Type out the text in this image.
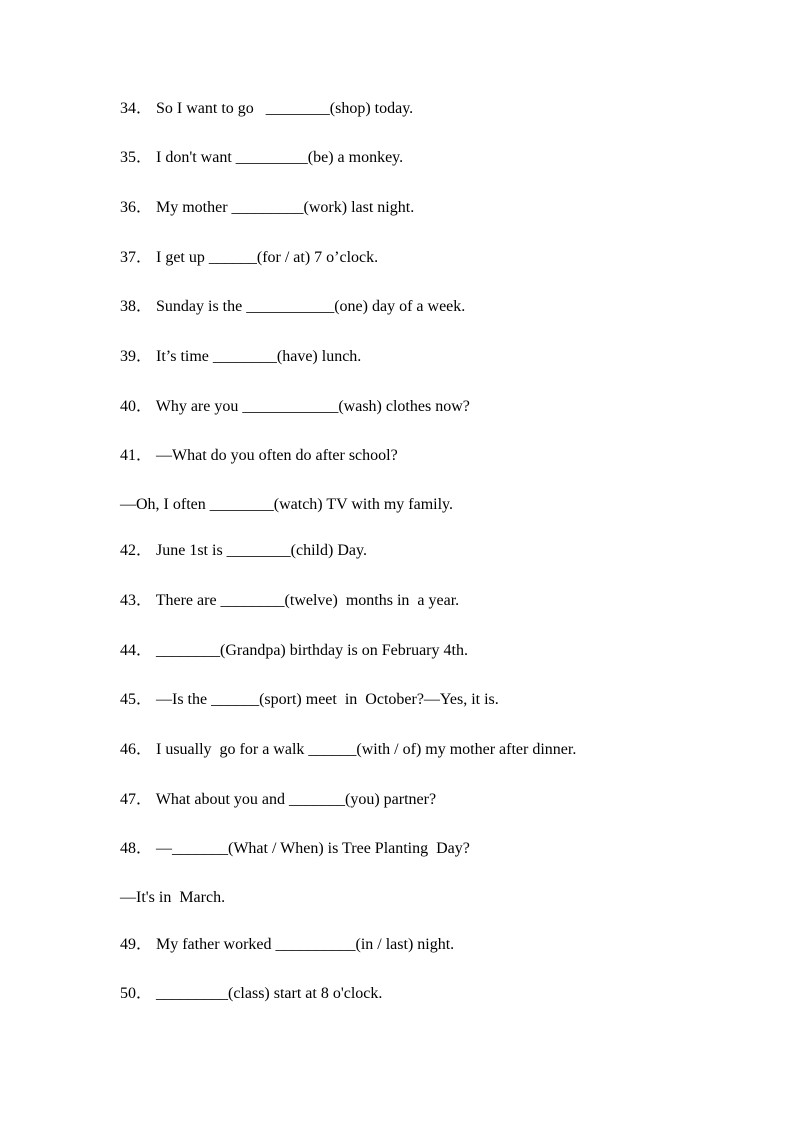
34． So I want to go   ________(shop) today.
35． I don't want _________(be) a monkey.
36． My mother _________(work) last night.
37． I get up ______(for / at) 7 o’clock.
38． Sunday is the ___________(one) day of a week.
39． It’s time ________(have) lunch.
40． Why are you ____________(wash) clothes now?
41． —What do you often do after school?
—Oh, I often ________(watch) TV with my family.
42． June 1st is ________(child) Day.
43． There are ________(twelve)  months in  a year.
44． ________(Grandpa) birthday is on February 4th.
45． —Is the ______(sport) meet  in  October?—Yes, it is.
46． I usually  go for a walk ______(with / of) my mother after dinner.
47． What about you and _______(you) partner?
48． —_______(What / When) is Tree Planting  Day?
—It's in  March.
49． My father worked __________(in / last) night.
50． _________(class) start at 8 o'clock.
